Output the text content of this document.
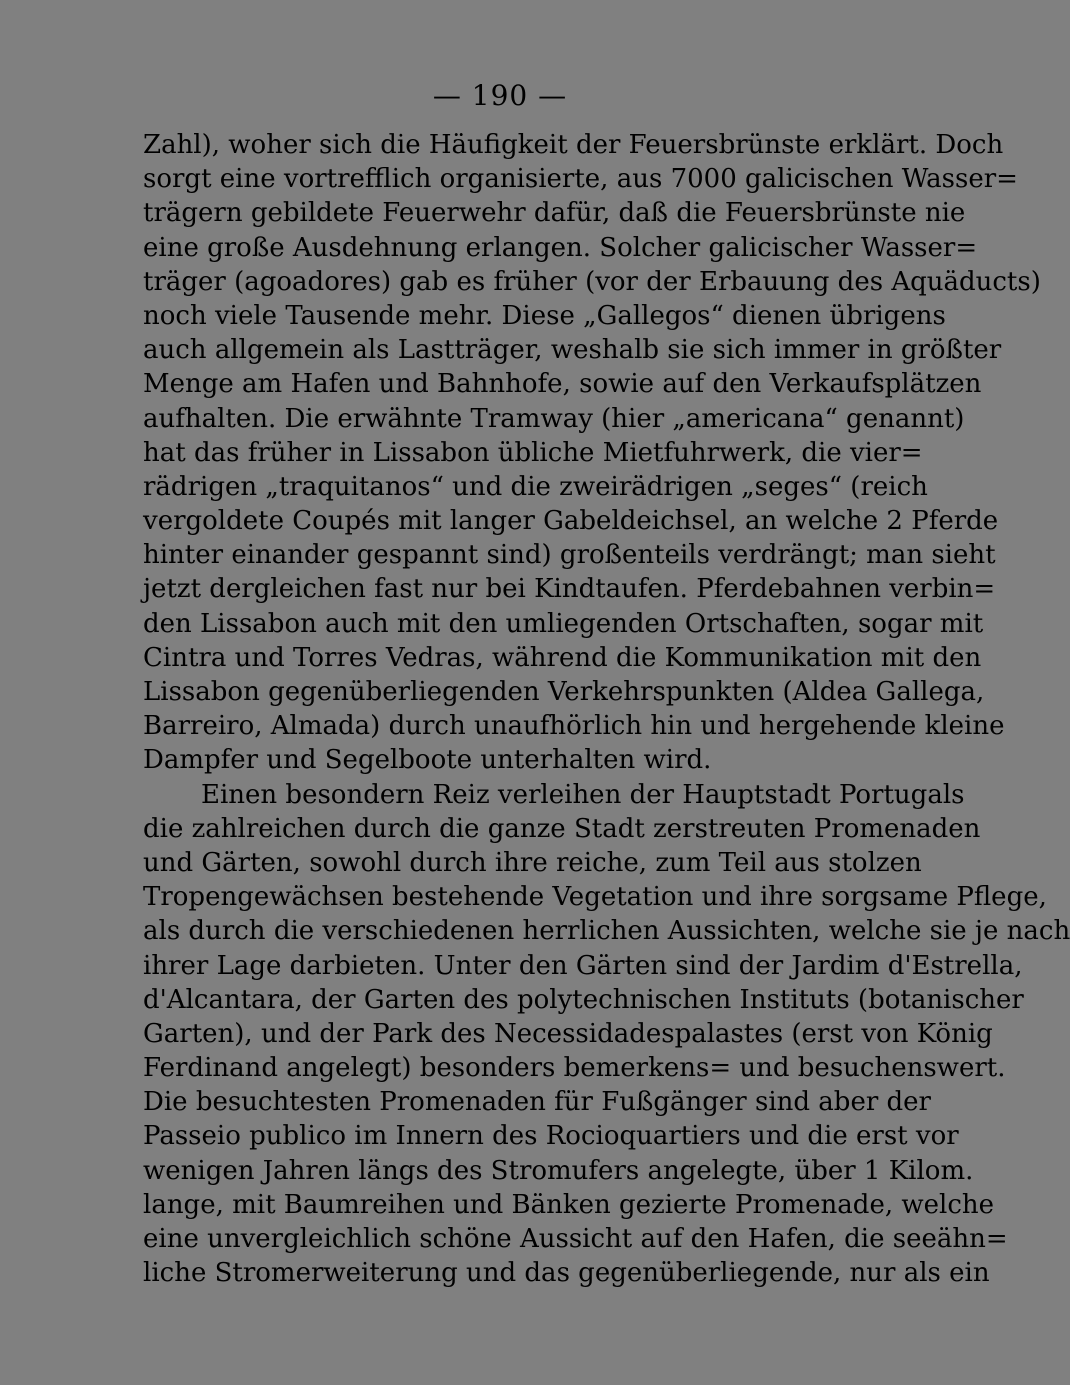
— 190 —
Zahl), woher sich die Häufigkeit der Feuersbrünste erklärt. Doch
sorgt eine vortrefflich organisierte, aus 7000 galicischen Wasser=
trägern gebildete Feuerwehr dafür, daß die Feuersbrünste nie
eine große Ausdehnung erlangen. Solcher galicischer Wasser=
träger (agoadores) gab es früher (vor der Erbauung des Aquäducts)
noch viele Tausende mehr. Diese „Gallegos“ dienen übrigens
auch allgemein als Lastträger, weshalb sie sich immer in größter
Menge am Hafen und Bahnhofe, sowie auf den Verkaufsplätzen
aufhalten. Die erwähnte Tramway (hier „americana“ genannt)
hat das früher in Lissabon übliche Mietfuhrwerk, die vier=
rädrigen „traquitanos“ und die zweirädrigen „seges“ (reich
vergoldete Coupés mit langer Gabeldeichsel, an welche 2 Pferde
hinter einander gespannt sind) großenteils verdrängt; man sieht
jetzt dergleichen fast nur bei Kindtaufen. Pferdebahnen verbin=
den Lissabon auch mit den umliegenden Ortschaften, sogar mit
Cintra und Torres Vedras, während die Kommunikation mit den
Lissabon gegenüberliegenden Verkehrspunkten (Aldea Gallega,
Barreiro, Almada) durch unaufhörlich hin und hergehende kleine
Dampfer und Segelboote unterhalten wird.
Einen besondern Reiz verleihen der Hauptstadt Portugals
die zahlreichen durch die ganze Stadt zerstreuten Promenaden
und Gärten, sowohl durch ihre reiche, zum Teil aus stolzen
Tropengewächsen bestehende Vegetation und ihre sorgsame Pflege,
als durch die verschiedenen herrlichen Aussichten, welche sie je nach
ihrer Lage darbieten. Unter den Gärten sind der Jardim d'Estrella,
d'Alcantara, der Garten des polytechnischen Instituts (botanischer
Garten), und der Park des Necessidadespalastes (erst von König
Ferdinand angelegt) besonders bemerkens= und besuchenswert.
Die besuchtesten Promenaden für Fußgänger sind aber der
Passeio publico im Innern des Rocioquartiers und die erst vor
wenigen Jahren längs des Stromufers angelegte, über 1 Kilom.
lange, mit Baumreihen und Bänken gezierte Promenade, welche
eine unvergleichlich schöne Aussicht auf den Hafen, die seeähn=
liche Stromerweiterung und das gegenüberliegende, nur als ein
